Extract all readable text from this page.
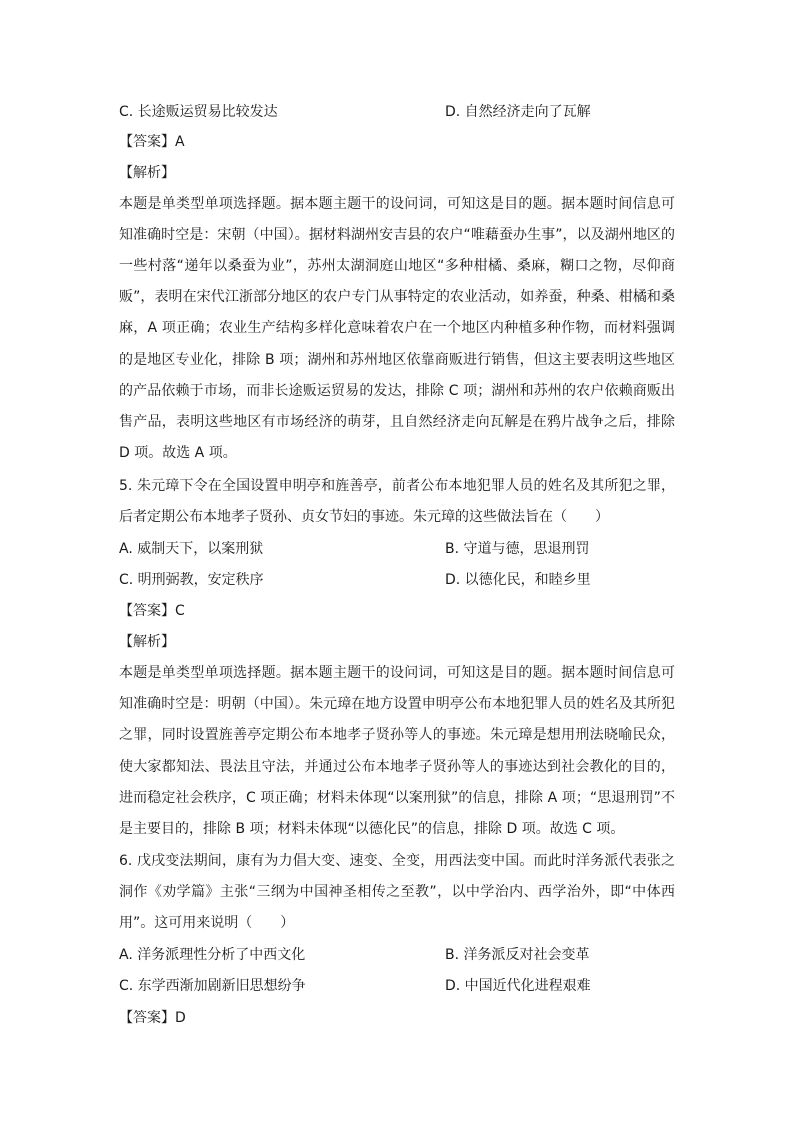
C. 长途贩运贸易比较发达	D. 自然经济走向了瓦解
【答案】A
【解析】
本题是单类型单项选择题。据本题主题干的设问词，可知这是目的题。据本题时间信息可
知准确时空是：宋朝（中国）。据材料湖州安吉县的农户“唯藉蚕办生事”，以及湖州地区的
一些村落“递年以桑蚕为业”，苏州太湖洞庭山地区“多种柑橘、桑麻，糊口之物，尽仰商
贩”，表明在宋代江浙部分地区的农户专门从事特定的农业活动，如养蚕，种桑、柑橘和桑
麻，A 项正确；农业生产结构多样化意味着农户在一个地区内种植多种作物，而材料强调
的是地区专业化，排除 B 项；湖州和苏州地区依靠商贩进行销售，但这主要表明这些地区
的产品依赖于市场，而非长途贩运贸易的发达，排除 C 项；湖州和苏州的农户依赖商贩出
售产品，表明这些地区有市场经济的萌芽，且自然经济走向瓦解是在鸦片战争之后，排除
D 项。故选 A 项。
5. 朱元璋下令在全国设置申明亭和旌善亭，前者公布本地犯罪人员的姓名及其所犯之罪，
后者定期公布本地孝子贤孙、贞女节妇的事迹。朱元璋的这些做法旨在（　　）
A. 威制天下，以案刑狱	B. 守道与德，思退刑罚
C. 明刑弼教，安定秩序	D. 以德化民，和睦乡里
【答案】C
【解析】
本题是单类型单项选择题。据本题主题干的设问词，可知这是目的题。据本题时间信息可
知准确时空是：明朝（中国）。朱元璋在地方设置申明亭公布本地犯罪人员的姓名及其所犯
之罪，同时设置旌善亭定期公布本地孝子贤孙等人的事迹。朱元璋是想用刑法晓喻民众，
使大家都知法、畏法且守法，并通过公布本地孝子贤孙等人的事迹达到社会教化的目的，
进而稳定社会秩序，C 项正确；材料未体现“以案刑狱”的信息，排除 A 项；“思退刑罚”不
是主要目的，排除 B 项；材料未体现“以德化民”的信息，排除 D 项。故选 C 项。
6. 戊戌变法期间，康有为力倡大变、速变、全变，用西法变中国。而此时洋务派代表张之
洞作《劝学篇》主张“三纲为中国神圣相传之至教”，以中学治内、西学治外，即“中体西
用”。这可用来说明（　　）
A. 洋务派理性分析了中西文化	B. 洋务派反对社会变革
C. 东学西渐加剧新旧思想纷争	D. 中国近代化进程艰难
【答案】D
